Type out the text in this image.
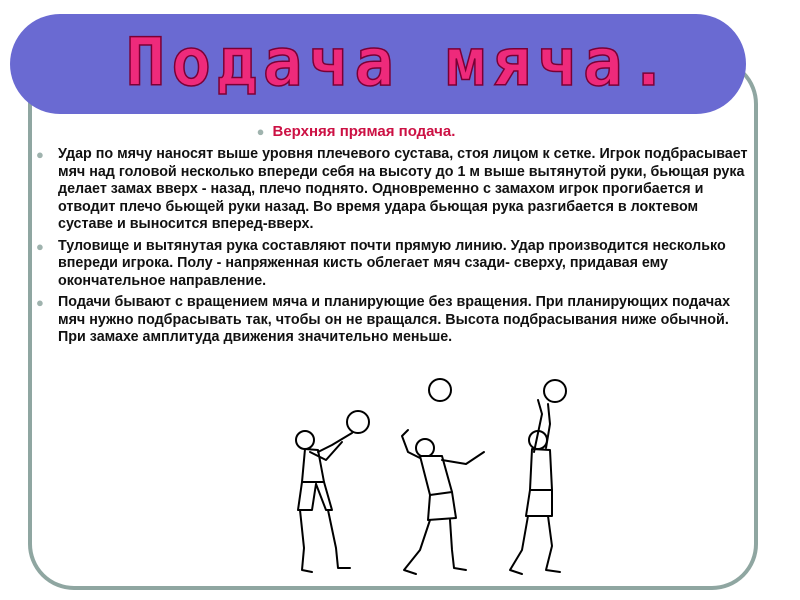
Подача мяча.
● Верхняя прямая подача.
● Удар по мячу наносят выше уровня плечевого сустава, стоя лицом к сетке. Игрок подбрасывает мяч над головой несколько впереди себя на высоту до 1 м выше вытянутой руки, бьющая рука делает замах вверх - назад, плечо поднято. Одновременно с замахом игрок прогибается и отводит плечо бьющей руки назад. Во время удара бьющая рука разгибается в локтевом суставе и выносится вперед-вверх.
● Туловище и вытянутая рука составляют почти прямую линию. Удар производится несколько впереди игрока. Полу - напряженная кисть облегает мяч сзади- сверху, придавая ему окончательное направление.
● Подачи бывают с вращением мяча и планирующие без вращения. При планирующих подачах мяч нужно подбрасывать так, чтобы он не вращался. Высота подбрасывания ниже обычной. При замахе амплитуда движения значительно меньше.
